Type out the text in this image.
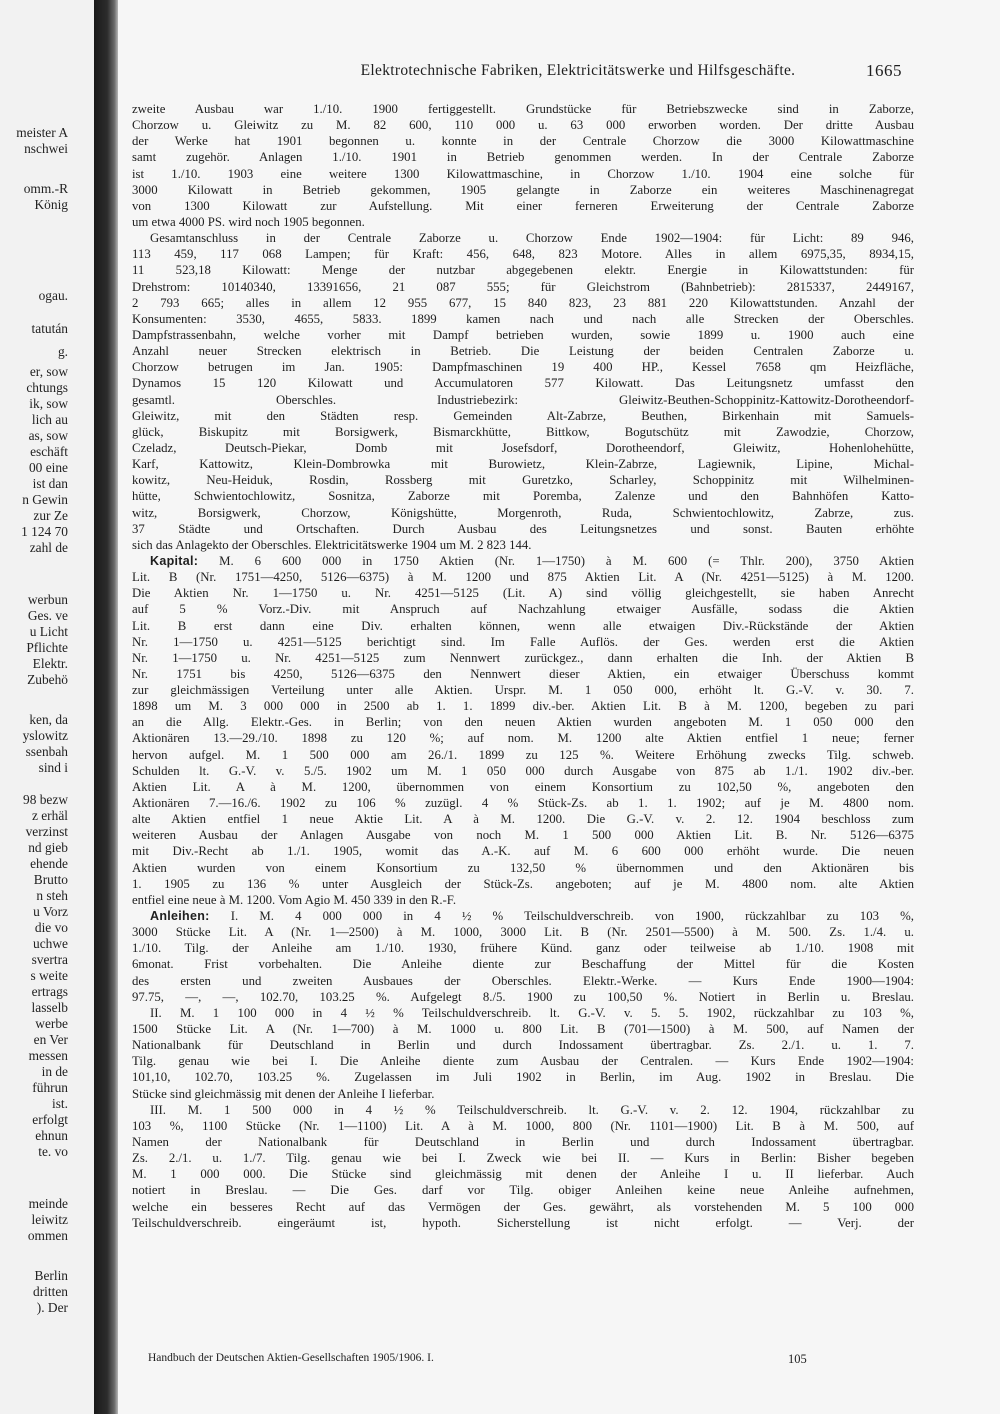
meister A
nschwei
omm.-R
König
ogau.
tatután
g.
er, sow
chtungs
ik, sow
lich au
as, sow
eschäft
00 eine
ist dan
n Gewin
zur Ze
1 124 70
zahl de
werbun
Ges. ve
u Licht
Pflichte
Elektr.
Zubehö
ken, da
yslowitz
ssenbah
sind i
98 bezw
z erhäl
verzinst
nd gieb
ehende
Brutto
n steh
u Vorz
die vo
uchwe
svertra
s weite
ertrags
lasselb
werbe
en Ver
messen
in de
führun
ist.
erfolgt
ehnun
te. vo
meinde
leiwitz
ommen
Berlin
dritten
). Der
Elektrotechnische Fabriken, Elektricitätswerke und Hilfsgeschäfte.	1665
zweite Ausbau war 1./10. 1900 fertiggestellt. Grundstücke für Betriebszwecke sind in Zaborze,
Chorzow u. Gleiwitz zu M. 82 600, 110 000 u. 63 000 erworben worden. Der dritte Ausbau
der Werke hat 1901 begonnen u. konnte in der Centrale Chorzow die 3000 Kilowattmaschine
samt zugehör. Anlagen 1./10. 1901 in Betrieb genommen werden. In der Centrale Zaborze
ist 1./10. 1903 eine weitere 1300 Kilowattmaschine, in Chorzow 1./10. 1904 eine solche für
3000 Kilowatt in Betrieb gekommen, 1905 gelangte in Zaborze ein weiteres Maschinenagregat
von 1300 Kilowatt zur Aufstellung. Mit einer ferneren Erweiterung der Centrale Zaborze
um etwa 4000 PS. wird noch 1905 begonnen.
Gesamtanschluss in der Centrale Zaborze u. Chorzow Ende 1902—1904: für Licht: 89 946,
113 459, 117 068 Lampen; für Kraft: 456, 648, 823 Motore. Alles in allem 6975,35, 8934,15,
11 523,18 Kilowatt: Menge der nutzbar abgegebenen elektr. Energie in Kilowattstunden: für
Drehstrom: 10140340, 13391656, 21 087 555; für Gleichstrom (Bahnbetrieb): 2815337, 2449167,
2 793 665; alles in allem 12 955 677, 15 840 823, 23 881 220 Kilowattstunden. Anzahl der
Konsumenten: 3530, 4655, 5833. 1899 kamen nach und nach alle Strecken der Oberschles.
Dampfstrassenbahn, welche vorher mit Dampf betrieben wurden, sowie 1899 u. 1900 auch eine
Anzahl neuer Strecken elektrisch in Betrieb. Die Leistung der beiden Centralen Zaborze u.
Chorzow betrugen im Jan. 1905: Dampfmaschinen 19 400 HP., Kessel 7658 qm Heizfläche,
Dynamos 15 120 Kilowatt und Accumulatoren 577 Kilowatt. Das Leitungsnetz umfasst den
gesamtl. Oberschles. Industriebezirk: Gleiwitz-Beuthen-Schoppinitz-Kattowitz-Dorotheendorf-
Gleiwitz, mit den Städten resp. Gemeinden Alt-Zabrze, Beuthen, Birkenhain mit Samuels-
glück, Biskupitz mit Borsigwerk, Bismarckhütte, Bittkow, Bogutschütz mit Zawodzie, Chorzow,
Czeladz, Deutsch-Piekar, Domb mit Josefsdorf, Dorotheendorf, Gleiwitz, Hohenlohehütte,
Karf, Kattowitz, Klein-Dombrowka mit Burowietz, Klein-Zabrze, Lagiewnik, Lipine, Michal-
kowitz, Neu-Heiduk, Rosdin, Rossberg mit Guretzko, Scharley, Schoppinitz mit Wilhelminen-
hütte, Schwientochlowitz, Sosnitza, Zaborze mit Poremba, Zalenze und den Bahnhöfen Katto-
witz, Borsigwerk, Chorzow, Königshütte, Morgenroth, Ruda, Schwientochlowitz, Zabrze, zus.
37 Städte und Ortschaften. Durch Ausbau des Leitungsnetzes und sonst. Bauten erhöhte
sich das Anlagekto der Oberschles. Elektricitätswerke 1904 um M. 2 823 144.
Kapital: M. 6 600 000 in 1750 Aktien (Nr. 1—1750) à M. 600 (= Thlr. 200), 3750 Aktien
Lit. B (Nr. 1751—4250, 5126—6375) à M. 1200 und 875 Aktien Lit. A (Nr. 4251—5125) à M. 1200.
Die Aktien Nr. 1—1750 u. Nr. 4251—5125 (Lit. A) sind völlig gleichgestellt, sie haben Anrecht
auf 5 % Vorz.-Div. mit Anspruch auf Nachzahlung etwaiger Ausfälle, sodass die Aktien
Lit. B erst dann eine Div. erhalten können, wenn alle etwaigen Div.-Rückstände der Aktien
Nr. 1—1750 u. 4251—5125 berichtigt sind. Im Falle Auflös. der Ges. werden erst die Aktien
Nr. 1—1750 u. Nr. 4251—5125 zum Nennwert zurückgez., dann erhalten die Inh. der Aktien B
Nr. 1751 bis 4250, 5126—6375 den Nennwert dieser Aktien, ein etwaiger Überschuss kommt
zur gleichmässigen Verteilung unter alle Aktien. Urspr. M. 1 050 000, erhöht lt. G.-V. v. 30. 7.
1898 um M. 3 000 000 in 2500 ab 1. 1. 1899 div.-ber. Aktien Lit. B à M. 1200, begeben zu pari
an die Allg. Elektr.-Ges. in Berlin; von den neuen Aktien wurden angeboten M. 1 050 000 den
Aktionären 13.—29./10. 1898 zu 120 %; auf nom. M. 1200 alte Aktien entfiel 1 neue; ferner
hervon aufgel. M. 1 500 000 am 26./1. 1899 zu 125 %. Weitere Erhöhung zwecks Tilg. schweb.
Schulden lt. G.-V. v. 5./5. 1902 um M. 1 050 000 durch Ausgabe von 875 ab 1./1. 1902 div.-ber.
Aktien Lit. A à M. 1200, übernommen von einem Konsortium zu 102,50 %, angeboten den
Aktionären 7.—16./6. 1902 zu 106 % zuzügl. 4 % Stück-Zs. ab 1. 1. 1902; auf je M. 4800 nom.
alte Aktien entfiel 1 neue Aktie Lit. A à M. 1200. Die G.-V. v. 2. 12. 1904 beschloss zum
weiteren Ausbau der Anlagen Ausgabe von noch M. 1 500 000 Aktien Lit. B. Nr. 5126—6375
mit Div.-Recht ab 1./1. 1905, womit das A.-K. auf M. 6 600 000 erhöht wurde. Die neuen
Aktien wurden von einem Konsortium zu 132,50 % übernommen und den Aktionären bis
1. 1905 zu 136 % unter Ausgleich der Stück-Zs. angeboten; auf je M. 4800 nom. alte Aktien
entfiel eine neue à M. 1200. Vom Agio M. 450 339 in den R.-F.
Anleihen: I. M. 4 000 000 in 4 ½ % Teilschuldverschreib. von 1900, rückzahlbar zu 103 %,
3000 Stücke Lit. A (Nr. 1—2500) à M. 1000, 3000 Lit. B (Nr. 2501—5500) à M. 500. Zs. 1./4. u.
1./10. Tilg. der Anleihe am 1./10. 1930, frühere Künd. ganz oder teilweise ab 1./10. 1908 mit
6monat. Frist vorbehalten. Die Anleihe diente zur Beschaffung der Mittel für die Kosten
des ersten und zweiten Ausbaues der Oberschles. Elektr.-Werke. — Kurs Ende 1900—1904:
97.75, —, —, 102.70, 103.25 %. Aufgelegt 8./5. 1900 zu 100,50 %. Notiert in Berlin u. Breslau.
II. M. 1 100 000 in 4 ½ % Teilschuldverschreib. lt. G.-V. v. 5. 5. 1902, rückzahlbar zu 103 %,
1500 Stücke Lit. A (Nr. 1—700) à M. 1000 u. 800 Lit. B (701—1500) à M. 500, auf Namen der
Nationalbank für Deutschland in Berlin und durch Indossament übertragbar. Zs. 2./1. u. 1. 7.
Tilg. genau wie bei I. Die Anleihe diente zum Ausbau der Centralen. — Kurs Ende 1902—1904:
101,10, 102.70, 103.25 %. Zugelassen im Juli 1902 in Berlin, im Aug. 1902 in Breslau. Die
Stücke sind gleichmässig mit denen der Anleihe I lieferbar.
III. M. 1 500 000 in 4 ½ % Teilschuldverschreib. lt. G.-V. v. 2. 12. 1904, rückzahlbar zu
103 %, 1100 Stücke (Nr. 1—1100) Lit. A à M. 1000, 800 (Nr. 1101—1900) Lit. B à M. 500, auf
Namen der Nationalbank für Deutschland in Berlin und durch Indossament übertragbar.
Zs. 2./1. u. 1./7. Tilg. genau wie bei I. Zweck wie bei II. — Kurs in Berlin: Bisher begeben
M. 1 000 000. Die Stücke sind gleichmässig mit denen der Anleihe I u. II lieferbar. Auch
notiert in Breslau. — Die Ges. darf vor Tilg. obiger Anleihen keine neue Anleihe aufnehmen,
welche ein besseres Recht auf das Vermögen der Ges. gewährt, als vorstehenden M. 5 100 000
Teilschuldverschreib. eingeräumt ist, hypoth. Sicherstellung ist nicht erfolgt. — Verj. der
Handbuch der Deutschen Aktien-Gesellschaften 1905/1906. I.	105
